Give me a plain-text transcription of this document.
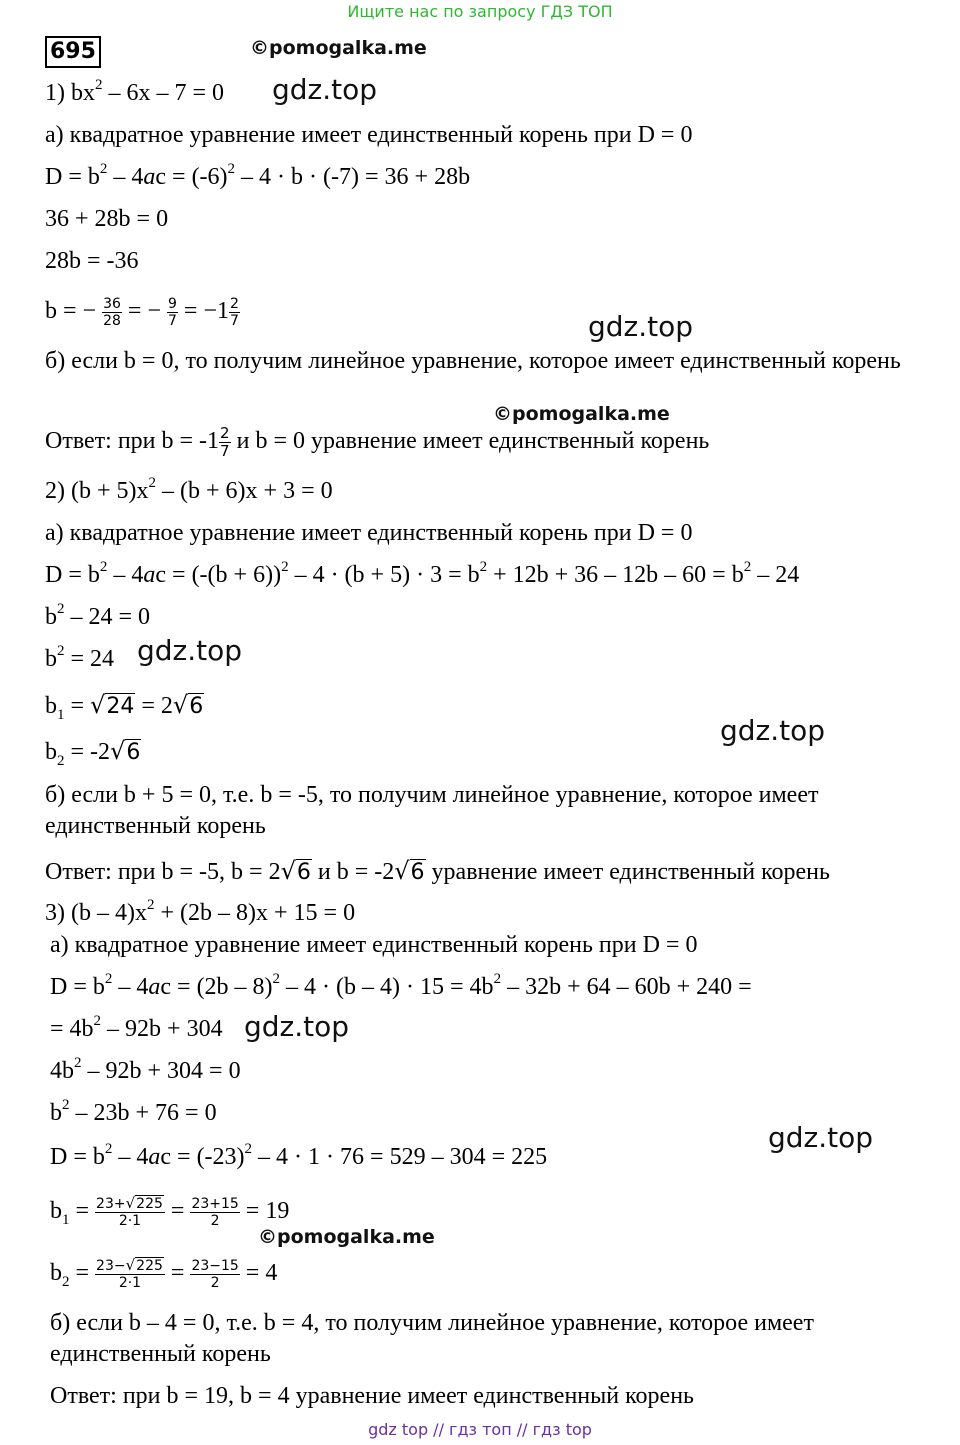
Ищите нас по запросу ГДЗ ТОП
695	©pomogalka.me
gdz.top
gdz.top
©pomogalka.me
gdz.top
gdz.top
gdz.top
gdz.top
©pomogalka.me
1) $bx^2 - 6x - 7 = 0$
а) квадратное уравнение имеет единственный корень при D = 0
$D = b^2 - 4ac = (-6)^2 - 4 \cdot b \cdot (-7) = 36 + 28b$
36 + 28b = 0
28b = -36
b = − $\frac{36}{28}$ = − $\frac{9}{7} = -1 \frac{2}{7}$
б) если b = 0, то получим линейное уравнение, которое имеет единственный корень
Ответ: при $b = -1 \frac{2}{7}$ и b = 0 уравнение имеет единственный корень
2) $(b + 5)x^2 - (b + 6)x + 3 = 0$
а) квадратное уравнение имеет единственный корень при D = 0
$D = b^2 - 4ac = (-(b + 6))^2 - 4 \cdot (b + 5) \cdot 3 = b^2 + 12b + 36 - 12b - 60 = b^2 - 24$
$b^2 - 24 = 0$
$b^2 = 24$
$b_1 = √24 = 2√6$
$b_2 = -2√6$
б) если b + 5 = 0, т.е. b = -5, то получим линейное уравнение, которое имеет единственный корень
Ответ: при b = -5, b = 2√6 и b = -2√6 уравнение имеет единственный корень
3) $(b - 4)x^2 + (2b - 8)x + 15 = 0$
а) квадратное уравнение имеет единственный корень при D = 0
$D = b^2 - 4ac = (2b - 8)^2 - 4 \cdot (b - 4) \cdot 15 = 4b^2 - 32b + 64 - 60b + 240$ =
= $4b^2 - 92b + 304$
$4b^2 - 92b + 304 = 0$
$b^2 - 23b + 76 = 0$
$D = b^2 - 4ac = (-23)^2 - 4 \cdot 1 \cdot 76 = 529 - 304 = 225$
$b_1 = \frac{23+√225}{2\cdot 1} = \frac{23+15}{2} = 19$
$b_2 = \frac{23-√225}{2\cdot 1} = \frac{23-15}{2} = 4$
б) если b – 4 = 0, т.е. b = 4, то получим линейное уравнение, которое имеет единственный корень
Ответ: при b = 19, b = 4 уравнение имеет единственный корень
gdz top // гдз топ // гдз top
